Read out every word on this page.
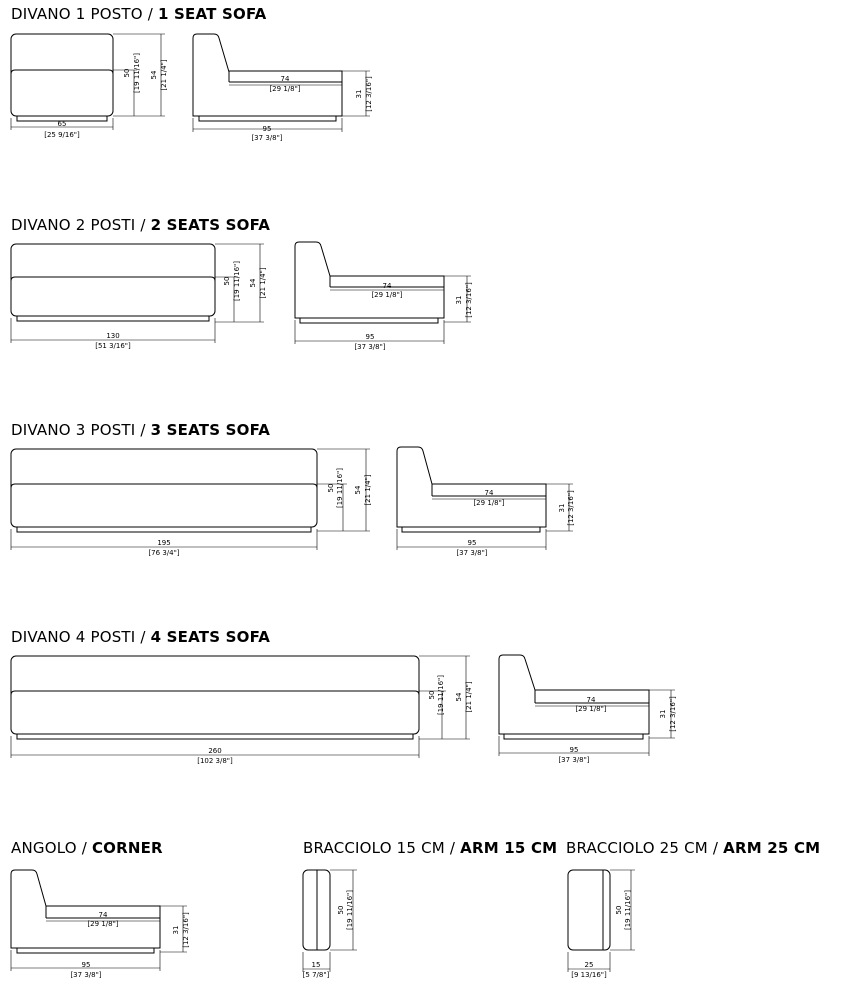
DIVANO 1 POSTO / 1 SEAT SOFA
DIVANO 2 POSTI / 2 SEATS SOFA
DIVANO 3 POSTI / 3 SEATS SOFA
DIVANO 4 POSTI / 4 SEATS SOFA
ANGOLO / CORNER	BRACCIOLO 15 CM / ARM 15 CM BRACCIOLO 25 CM / ARM 25 CM
65
[25 9/16"]
50 [19 11/16"] 54 [21 1/4"]
95
[37 3/8"]
74
[29 1/8"]
31 [12 3/16"]
130
[51 3/16"]
50 [19 11/16"] 54 [21 1/4"]
95
[37 3/8"]
74
[29 1/8"]
31 [12 3/16"]
195
[76 3/4"]
50 [19 11/16"] 54 [21 1/4"]
95
[37 3/8"]
74
[29 1/8"]
31 [12 3/16"]
260
[102 3/8"]
50 [19 11/16"] 54 [21 1/4"]
95
[37 3/8"]
74
[29 1/8"]
31 [12 3/16"]
95
[37 3/8"]
74
[29 1/8"]
31 [12 3/16"]
15
[5 7/8"]
50 [19 11/16"]
25
[9 13/16"]
50 [19 11/16"]
